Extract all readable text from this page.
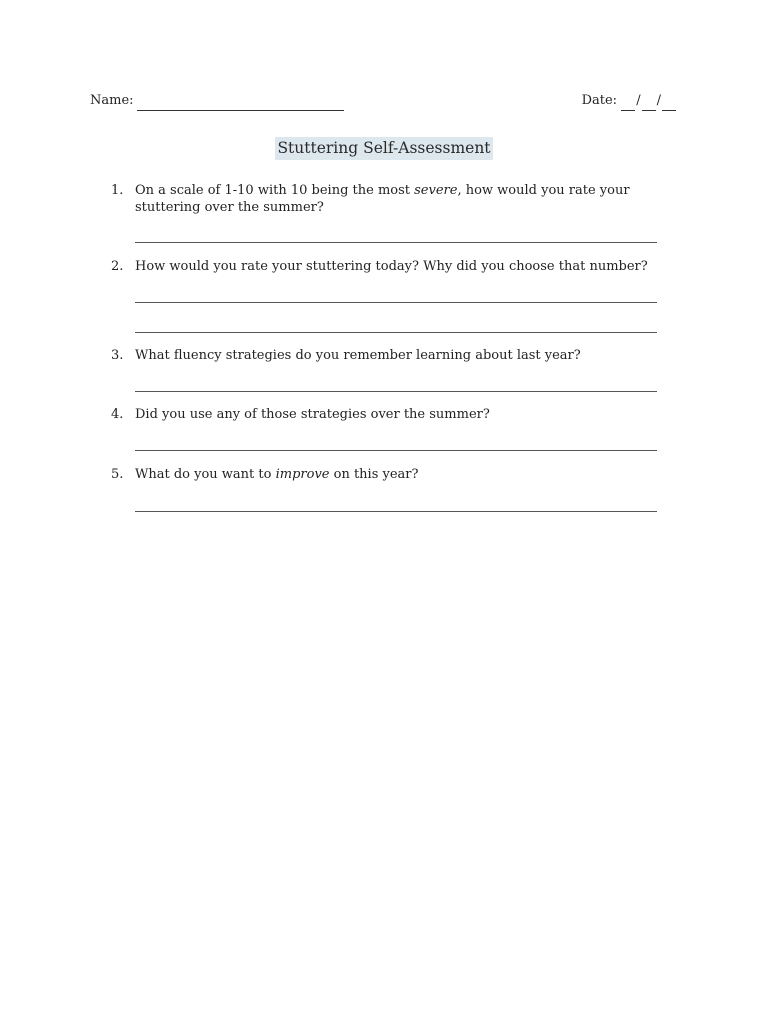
Name:	Date: / /
Stuttering Self-Assessment
1. On a scale of 1-10 with 10 being the most severe, how would you rate your stuttering over the summer?
2. How would you rate your stuttering today? Why did you choose that number?
3. What fluency strategies do you remember learning about last year?
4. Did you use any of those strategies over the summer?
5. What do you want to improve on this year?
